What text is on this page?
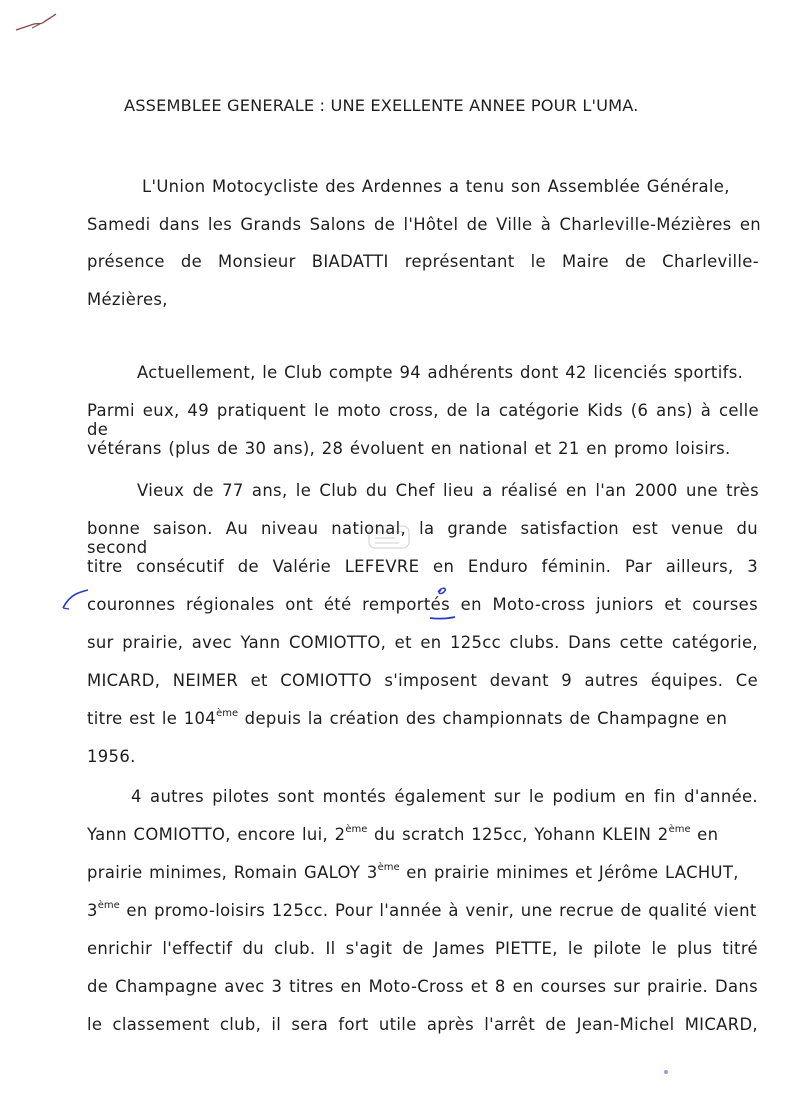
ASSEMBLEE GENERALE : UNE EXELLENTE ANNEE POUR L'UMA.
L'Union Motocycliste des Ardennes a tenu son Assemblée Générale,
Samedi dans les Grands Salons de l'Hôtel de Ville à Charleville-Mézières en
présence de Monsieur BIADATTI représentant le Maire de Charleville-
Mézières,
Actuellement, le Club compte 94 adhérents dont 42 licenciés sportifs.
Parmi eux, 49 pratiquent le moto cross, de la catégorie Kids (6 ans) à celle de
vétérans (plus de 30 ans), 28 évoluent en national et 21 en promo loisirs.
Vieux de 77 ans, le Club du Chef lieu a réalisé en l'an 2000 une très
bonne saison. Au niveau national, la grande satisfaction est venue du second
titre consécutif de Valérie LEFEVRE en Enduro féminin. Par ailleurs, 3
couronnes régionales ont été remportés en Moto-cross juniors et courses
sur prairie, avec Yann COMIOTTO, et en 125cc clubs. Dans cette catégorie,
MICARD, NEIMER et COMIOTTO s'imposent devant 9 autres équipes. Ce
titre est le 104ème depuis la création des championnats de Champagne en
1956.
4 autres pilotes sont montés également sur le podium en fin d'année.
Yann COMIOTTO, encore lui, 2ème du scratch 125cc, Yohann KLEIN 2ème en
prairie minimes, Romain GALOY 3ème en prairie minimes et Jérôme LACHUT,
3ème en promo-loisirs 125cc. Pour l'année à venir, une recrue de qualité vient
enrichir l'effectif du club. Il s'agit de James PIETTE, le pilote le plus titré
de Champagne avec 3 titres en Moto-Cross et 8 en courses sur prairie. Dans
le classement club, il sera fort utile après l'arrêt de Jean-Michel MICARD,
